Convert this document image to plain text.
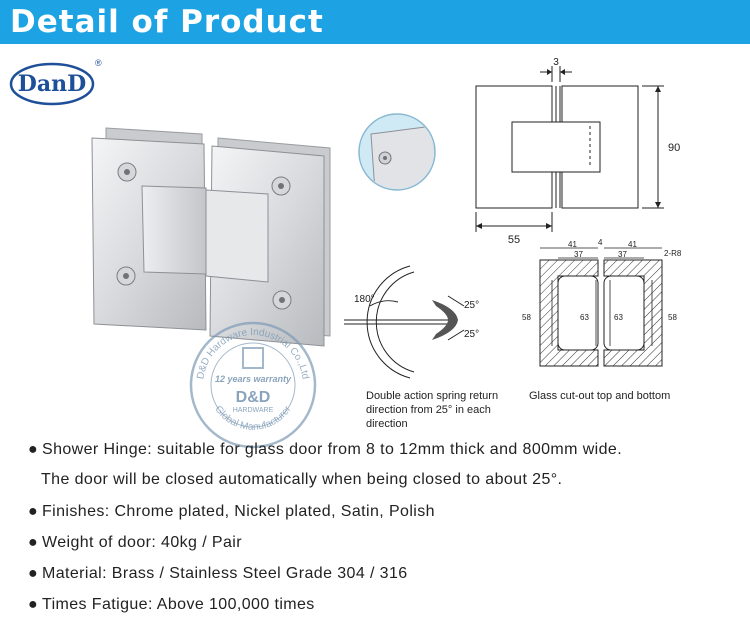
Detail of Product
DanD
®	3
90
55
180°
25°
25°
Double action spring return direction from 25° in each direction
41	4	41
37	37	2-R8
58	63	63	58
Glass cut-out top and bottom
D&D Hardware Industrial Co.,Ltd
Global Manufacturer
12 years warranty
D&D
HARDWARE
● Shower Hinge: suitable for glass door from 8 to 12mm thick and 800mm wide.
The door will be closed automatically when being closed to about 25°.
● Finishes: Chrome plated, Nickel plated, Satin, Polish
● Weight of door: 40kg / Pair
● Material: Brass / Stainless Steel Grade 304 / 316
● Times Fatigue: Above 100,000 times
